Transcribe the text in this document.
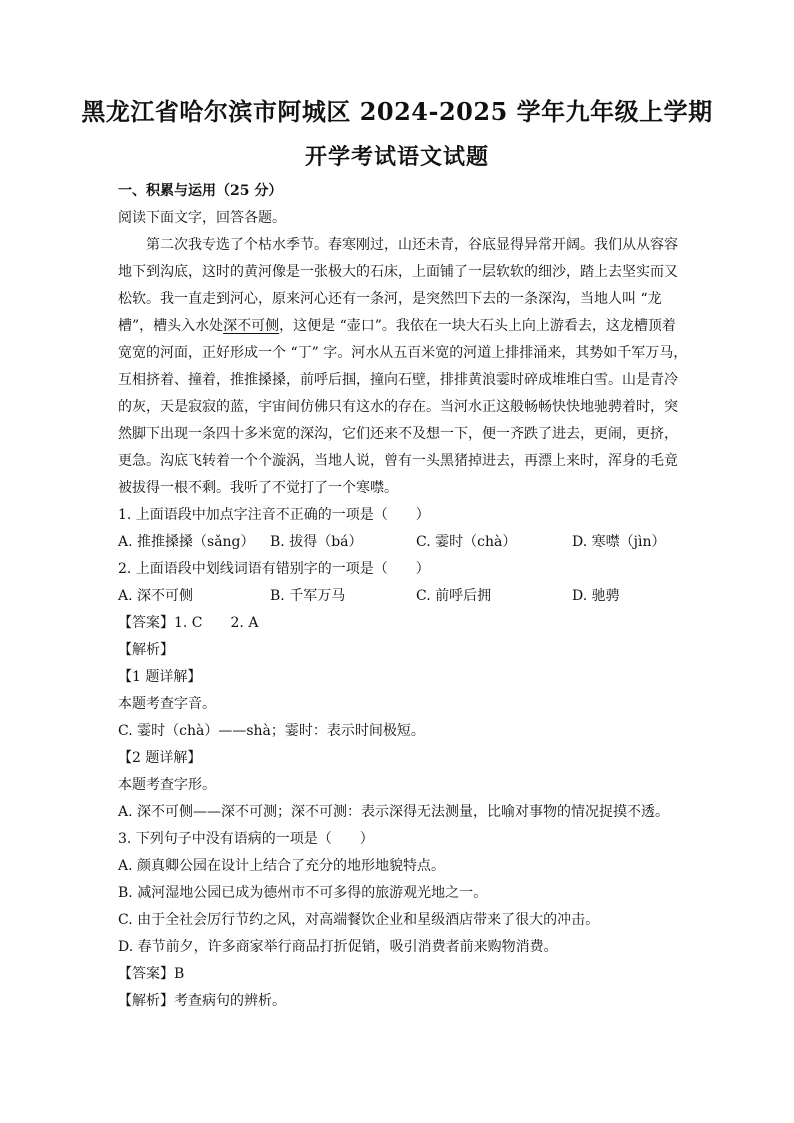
黑龙江省哈尔滨市阿城区 2024-2025 学年九年级上学期
开学考试语文试题
一、积累与运用（25 分）
阅读下面文字，回答各题。
第二次我专选了个枯水季节。春寒刚过，山还未青，谷底显得异常开阔。我们从从容容
地下到沟底，这时的黄河像是一张极大的石床，上面铺了一层软软的细沙，踏上去坚实而又
松软。我一直走到河心，原来河心还有一条河，是突然凹下去的一条深沟，当地人叫 “龙
槽”，槽头入水处深不可侧，这便是 “壶口”。我依在一块大石头上向上游看去，这龙槽顶着
宽宽的河面，正好形成一个 “丁” 字。河水从五百米宽的河道上排排涌来，其势如千军万马，
互相挤着、撞着，推推搡搡，前呼后掴，撞向石壁，排排黄浪霎时碎成堆堆白雪。山是青冷
的灰，天是寂寂的蓝，宇宙间仿佛只有这水的存在。当河水正这般畅畅快快地驰骋着时，突
然脚下出现一条四十多米宽的深沟，它们还来不及想一下，便一齐跌了进去，更闹，更挤，
更急。沟底飞转着一个个漩涡，当地人说，曾有一头黑猪掉进去，再漂上来时，浑身的毛竟
被拔得一根不剩。我听了不觉打了一个寒噤。
1. 上面语段中加点字注音不正确的一项是（　　）
A. 推推搡搡（sǎng）	B. 拔得（bá）	C. 霎时（chà）	D. 寒噤（jìn）
2. 上面语段中划线词语有错别字的一项是（　　）
A. 深不可侧	B. 千军万马	C. 前呼后拥	D. 驰骋
【答案】1. C　　2. A
【解析】
【1 题详解】
本题考查字音。
C. 霎时（chà）——shà；霎时：表示时间极短。
【2 题详解】
本题考查字形。
A. 深不可侧——深不可测；深不可测：表示深得无法测量，比喻对事物的情况捉摸不透。
3. 下列句子中没有语病的一项是（　　）
A. 颜真卿公园在设计上结合了充分的地形地貌特点。
B. 减河湿地公园已成为德州市不可多得的旅游观光地之一。
C. 由于全社会厉行节约之风，对高端餐饮企业和星级酒店带来了很大的冲击。
D. 春节前夕，许多商家举行商品打折促销，吸引消费者前来购物消费。
【答案】B
【解析】考查病句的辨析。
